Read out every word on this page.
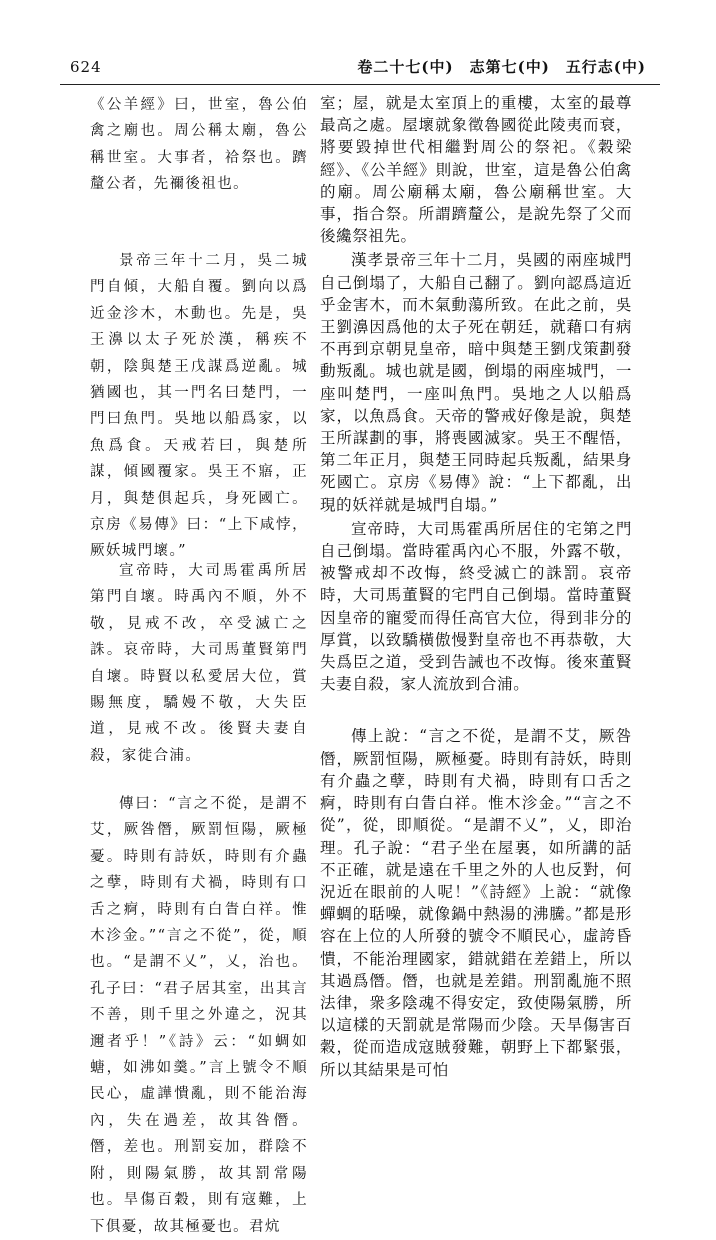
624	卷二十七(中)　志第七(中)　五行志(中)

《公羊經》曰，世室，魯公伯禽之廟也。周公稱太廟，魯公稱世室。大事者，祫祭也。躋釐公者，先禰後祖也。

景帝三年十二月，吳二城門自傾，大船自覆。劉向以爲近金沴木，木動也。先是，吳王濞以太子死於漢，稱疾不朝，陰與楚王戊謀爲逆亂。城猶國也，其一門名曰楚門，一門曰魚門。吳地以船爲家，以魚爲食。天戒若曰，與楚所謀，傾國覆家。吳王不寤，正月，與楚俱起兵，身死國亡。京房《易傳》曰：“上下咸悖，厥妖城門壞。”

宣帝時，大司馬霍禹所居第門自壞。時禹內不順，外不敬，見戒不改，卒受滅亡之誅。哀帝時，大司馬董賢第門自壞。時賢以私愛居大位，賞賜無度，驕嫚不敬，大失臣道，見戒不改。後賢夫妻自殺，家徙合浦。

傳曰：“言之不從，是謂不艾，厥咎僭，厥罰恒陽，厥極憂。時則有詩妖，時則有介蟲之孽，時則有犬禍，時則有口舌之痾，時則有白眚白祥。惟木沴金。”“言之不從”，從，順也。“是謂不乂”，乂，治也。孔子曰：“君子居其室，出其言不善，則千里之外違之，況其邇者乎！”《詩》云：“如蜩如螗，如沸如羹。”言上號令不順民心，虛譁憒亂，則不能治海內，失在過差，故其咎僭。僭，差也。刑罰妄加，群陰不附，則陽氣勝，故其罰常陽也。旱傷百穀，則有寇難，上下俱憂，故其極憂也。君炕

室；屋，就是太室頂上的重樓，太室的最尊最高之處。屋壞就象徵魯國從此陵夷而衰，將要毀掉世代相繼對周公的祭祀。《穀梁經》、《公羊經》則說，世室，這是魯公伯禽的廟。周公廟稱太廟，魯公廟稱世室。大事，指合祭。所謂躋釐公，是說先祭了父而後纔祭祖先。

漢孝景帝三年十二月，吳國的兩座城門自己倒塌了，大船自己翻了。劉向認爲這近乎金害木，而木氣動蕩所致。在此之前，吳王劉濞因爲他的太子死在朝廷，就藉口有病不再到京朝見皇帝，暗中與楚王劉戊策劃發動叛亂。城也就是國，倒塌的兩座城門，一座叫楚門，一座叫魚門。吳地之人以船爲家，以魚爲食。天帝的警戒好像是說，與楚王所謀劃的事，將喪國滅家。吳王不醒悟，第二年正月，與楚王同時起兵叛亂，結果身死國亡。京房《易傳》說：“上下都亂，出現的妖祥就是城門自塌。”

宣帝時，大司馬霍禹所居住的宅第之門自己倒塌。當時霍禹內心不服，外露不敬，被警戒却不改悔，終受滅亡的誅罰。哀帝時，大司馬董賢的宅門自己倒塌。當時董賢因皇帝的寵愛而得任高官大位，得到非分的厚賞，以致驕橫傲慢對皇帝也不再恭敬，大失爲臣之道，受到告誡也不改悔。後來董賢夫妻自殺，家人流放到合浦。

傳上說：“言之不從，是謂不艾，厥咎僭，厥罰恒陽，厥極憂。時則有詩妖，時則有介蟲之孽，時則有犬禍，時則有口舌之痾，時則有白眚白祥。惟木沴金。”“言之不從”，從，即順從。“是謂不乂”，乂，即治理。孔子說：“君子坐在屋裏，如所講的話不正確，就是遠在千里之外的人也反對，何況近在眼前的人呢！”《詩經》上說：“就像蟬蜩的聒噪，就像鍋中熱湯的沸騰。”都是形容在上位的人所發的號令不順民心，虛誇昏憒，不能治理國家，錯就錯在差錯上，所以其過爲僭。僭，也就是差錯。刑罰亂施不照法律，衆多陰魂不得安定，致使陽氣勝，所以這樣的天罰就是常陽而少陰。天旱傷害百穀，從而造成寇賊發難，朝野上下都緊張，所以其結果是可怕
